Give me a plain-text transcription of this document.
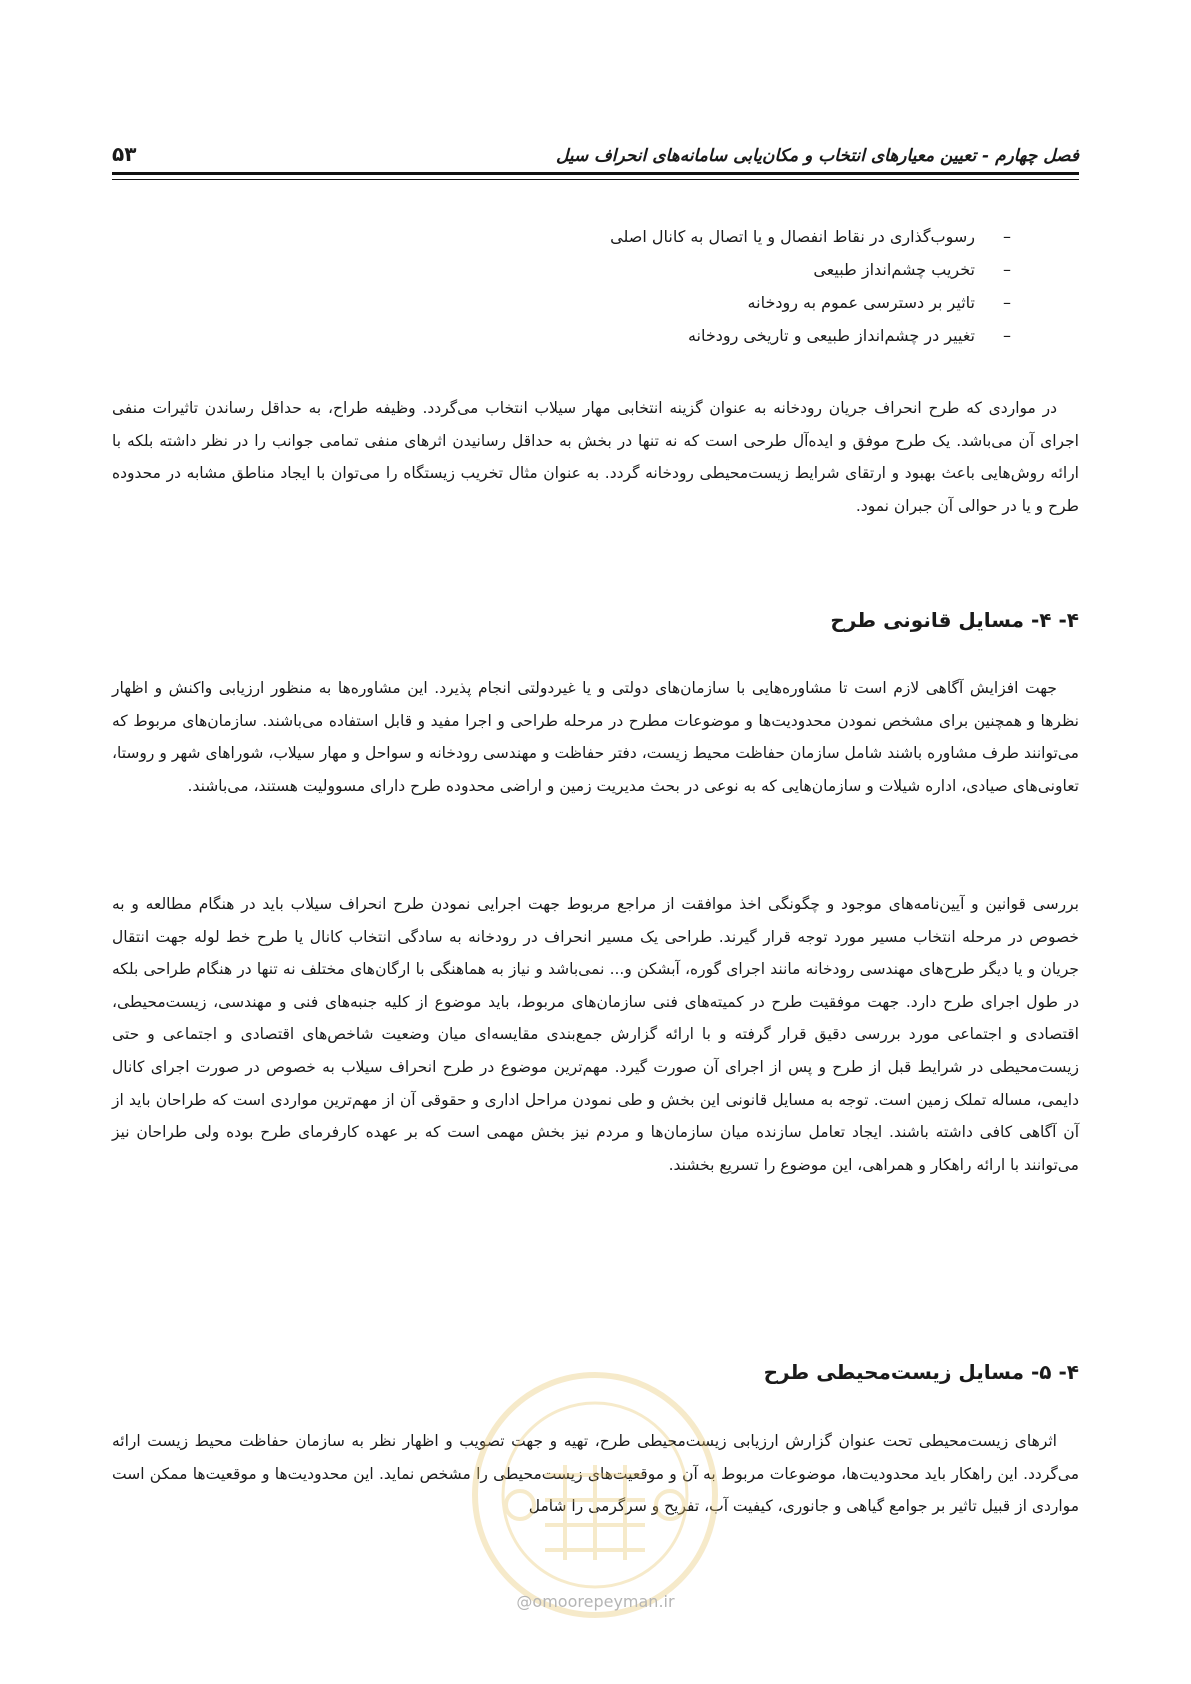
فصل چهارم - تعیین معیارهای انتخاب و مکان‌یابی سامانه‌های انحراف سیل
۵۳
–رسوب‌گذاری در نقاط انفصال و یا اتصال به کانال اصلی
–تخریب چشم‌انداز طبیعی
–تاثیر بر دسترسی عموم به رودخانه
–تغییر در چشم‌انداز طبیعی و تاریخی رودخانه

در مواردی که طرح انحراف جریان رودخانه به عنوان گزینه انتخابی مهار سیلاب انتخاب می‌گردد. وظیفه طراح، به حداقل رساندن تاثیرات منفی اجرای آن می‌باشد. یک طرح موفق و ایده‌آل طرحی است که نه تنها در بخش به حداقل رسانیدن اثرهای منفی تمامی جوانب را در نظر داشته بلکه با ارائه روش‌هایی باعث بهبود و ارتقای شرایط زیست‌محیطی رودخانه گردد. به عنوان مثال تخریب زیستگاه را می‌توان با ایجاد مناطق مشابه در محدوده طرح و یا در حوالی آن جبران نمود.

۴- ۴- مسایل قانونی طرح

جهت افزایش آگاهی لازم است تا مشاوره‌هایی با سازمان‌های دولتی و یا غیردولتی انجام پذیرد. این مشاوره‌ها به منظور ارزیابی واکنش و اظهار نظرها و همچنین برای مشخص نمودن محدودیت‌ها و موضوعات مطرح در مرحله طراحی و اجرا مفید و قابل استفاده می‌باشند. سازمان‌های مربوط که می‌توانند طرف مشاوره باشند شامل سازمان حفاظت محیط زیست، دفتر حفاظت و مهندسی رودخانه و سواحل و مهار سیلاب، شوراهای شهر و روستا، تعاونی‌های صیادی، اداره شیلات و سازمان‌هایی که به نوعی در بحث مدیریت زمین و اراضی محدوده طرح دارای مسوولیت هستند، می‌باشند.

بررسی قوانین و آیین‌نامه‌های موجود و چگونگی اخذ موافقت از مراجع مربوط جهت اجرایی نمودن طرح انحراف سیلاب باید در هنگام مطالعه و به خصوص در مرحله انتخاب مسیر مورد توجه قرار گیرند. طراحی یک مسیر انحراف در رودخانه به سادگی انتخاب کانال یا طرح خط لوله جهت انتقال جریان و یا دیگر طرح‌های مهندسی رودخانه مانند اجرای گوره، آبشکن و... نمی‌باشد و نیاز به هماهنگی با ارگان‌های مختلف نه تنها در هنگام طراحی بلکه در طول اجرای طرح دارد. جهت موفقیت طرح در کمیته‌های فنی سازمان‌های مربوط، باید موضوع از کلیه جنبه‌های فنی و مهندسی، زیست‌محیطی، اقتصادی و اجتماعی مورد بررسی دقیق قرار گرفته و با ارائه گزارش جمع‌بندی مقایسه‌ای میان وضعیت شاخص‌های اقتصادی و اجتماعی و حتی زیست‌محیطی در شرایط قبل از طرح و پس از اجرای آن صورت گیرد. مهم‌ترین موضوع در طرح انحراف سیلاب به خصوص در صورت اجرای کانال دایمی، مساله تملک زمین است. توجه به مسایل قانونی این بخش و طی نمودن مراحل اداری و حقوقی آن از مهم‌ترین مواردی است که طراحان باید از آن آگاهی کافی داشته باشند. ایجاد تعامل سازنده میان سازمان‌ها و مردم نیز بخش مهمی است که بر عهده کارفرمای طرح بوده ولی طراحان نیز می‌توانند با ارائه راهکار و همراهی، این موضوع را تسریع بخشند.

۴- ۵- مسایل زیست‌محیطی طرح

اثرهای زیست‌محیطی تحت عنوان گزارش ارزیابی زیست‌محیطی طرح، تهیه و جهت تصویب و اظهار نظر به سازمان حفاظت محیط زیست ارائه می‌گردد. این راهکار باید محدودیت‌ها، موضوعات مربوط به آن و موقعیت‌های زیست‌محیطی را مشخص نماید. این محدودیت‌ها و موقعیت‌ها ممکن است مواردی از قبیل تاثیر بر جوامع گیاهی و جانوری، کیفیت آب، تفریح و سرگرمی را شامل

@omoorepeyman.ir
